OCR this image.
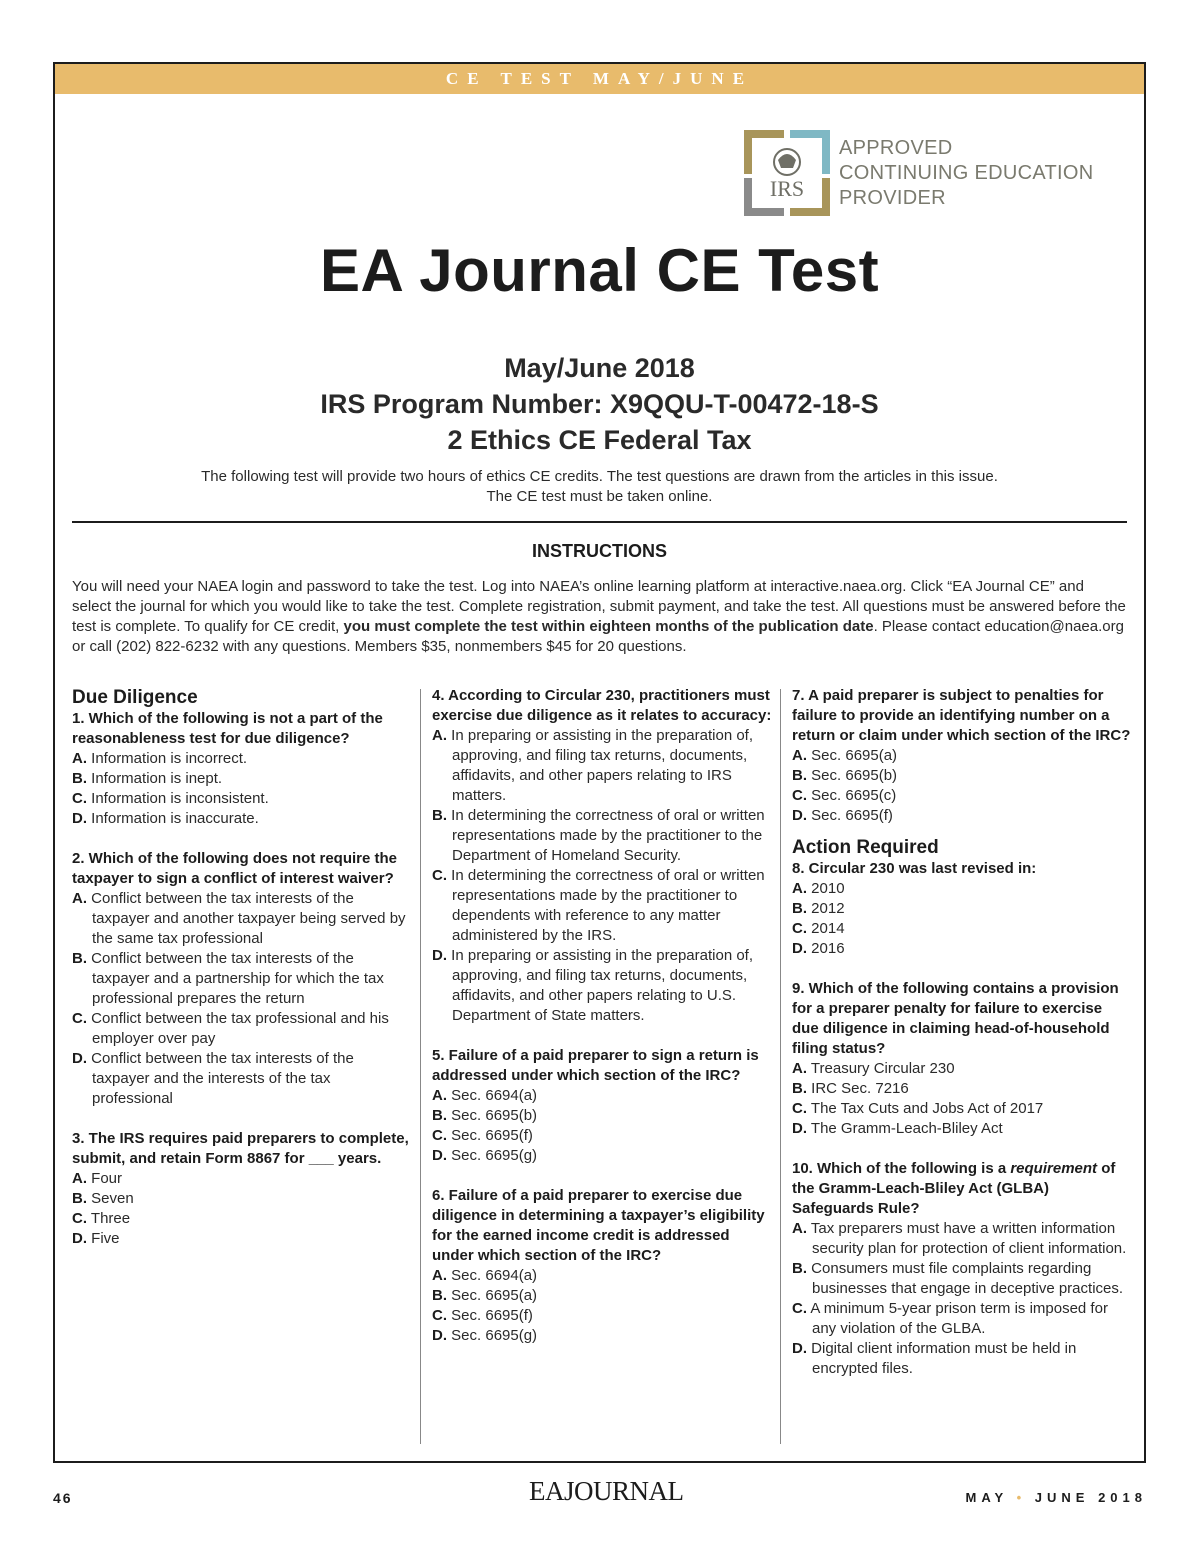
CE TEST MAY/JUNE
IRS
APPROVED
CONTINUING EDUCATION
PROVIDER
EA Journal CE Test
May/June 2018
IRS Program Number: X9QQU-T-00472-18-S
2 Ethics CE Federal Tax
The following test will provide two hours of ethics CE credits. The test questions are drawn from the articles in this issue.
The CE test must be taken online.
INSTRUCTIONS
You will need your NAEA login and password to take the test. Log into NAEA’s online learning platform at interactive.naea.org. Click “EA Journal CE” and select the journal for which you would like to take the test. Complete registration, submit payment, and take the test. All questions must be answered before the test is complete. To qualify for CE credit, you must complete the test within eighteen months of the publication date. Please contact education@naea.org or call (202) 822-6232 with any questions. Members $35, nonmembers $45 for 20 questions.
Due Diligence
1. Which of the following is not a part of the reasonableness test for due diligence?
A. Information is incorrect.
B. Information is inept.
C. Information is inconsistent.
D. Information is inaccurate.
2. Which of the following does not require the taxpayer to sign a conflict of interest waiver?
A. Conflict between the tax interests of the taxpayer and another taxpayer being served by the same tax professional
B. Conflict between the tax interests of the taxpayer and a partnership for which the tax professional prepares the return
C. Conflict between the tax professional and his employer over pay
D. Conflict between the tax interests of the taxpayer and the interests of the tax professional
3. The IRS requires paid preparers to complete, submit, and retain Form 8867 for ___ years.
A. Four
B. Seven
C. Three
D. Five
4. According to Circular 230, practitioners must exercise due diligence as it relates to accuracy:
A. In preparing or assisting in the preparation of, approving, and filing tax returns, documents, affidavits, and other papers relating to IRS matters.
B. In determining the correctness of oral or written representations made by the practitioner to the Department of Homeland Security.
C. In determining the correctness of oral or written representations made by the practitioner to dependents with reference to any matter administered by the IRS.
D. In preparing or assisting in the preparation of, approving, and filing tax returns, documents, affidavits, and other papers relating to U.S. Department of State matters.
5. Failure of a paid preparer to sign a return is addressed under which section of the IRC?
A. Sec. 6694(a)
B. Sec. 6695(b)
C. Sec. 6695(f)
D. Sec. 6695(g)
6. Failure of a paid preparer to exercise due diligence in determining a taxpayer’s eligibility for the earned income credit is addressed under which section of the IRC?
A. Sec. 6694(a)
B. Sec. 6695(a)
C. Sec. 6695(f)
D. Sec. 6695(g)
7. A paid preparer is subject to penalties for failure to provide an identifying number on a return or claim under which section of the IRC?
A. Sec. 6695(a)
B. Sec. 6695(b)
C. Sec. 6695(c)
D. Sec. 6695(f)
Action Required
8. Circular 230 was last revised in:
A. 2010
B. 2012
C. 2014
D. 2016
9. Which of the following contains a provision for a preparer penalty for failure to exercise due diligence in claiming head-of-household filing status?
A. Treasury Circular 230
B. IRC Sec. 7216
C. The Tax Cuts and Jobs Act of 2017
D. The Gramm-Leach-Bliley Act
10. Which of the following is a requirement of the Gramm-Leach-Bliley Act (GLBA) Safeguards Rule?
A. Tax preparers must have a written information security plan for protection of client information.
B. Consumers must file complaints regarding businesses that engage in deceptive practices.
C. A minimum 5-year prison term is imposed for any violation of the GLBA.
D. Digital client information must be held in encrypted files.
46	EAJOURNAL	MAY • JUNE 2018
